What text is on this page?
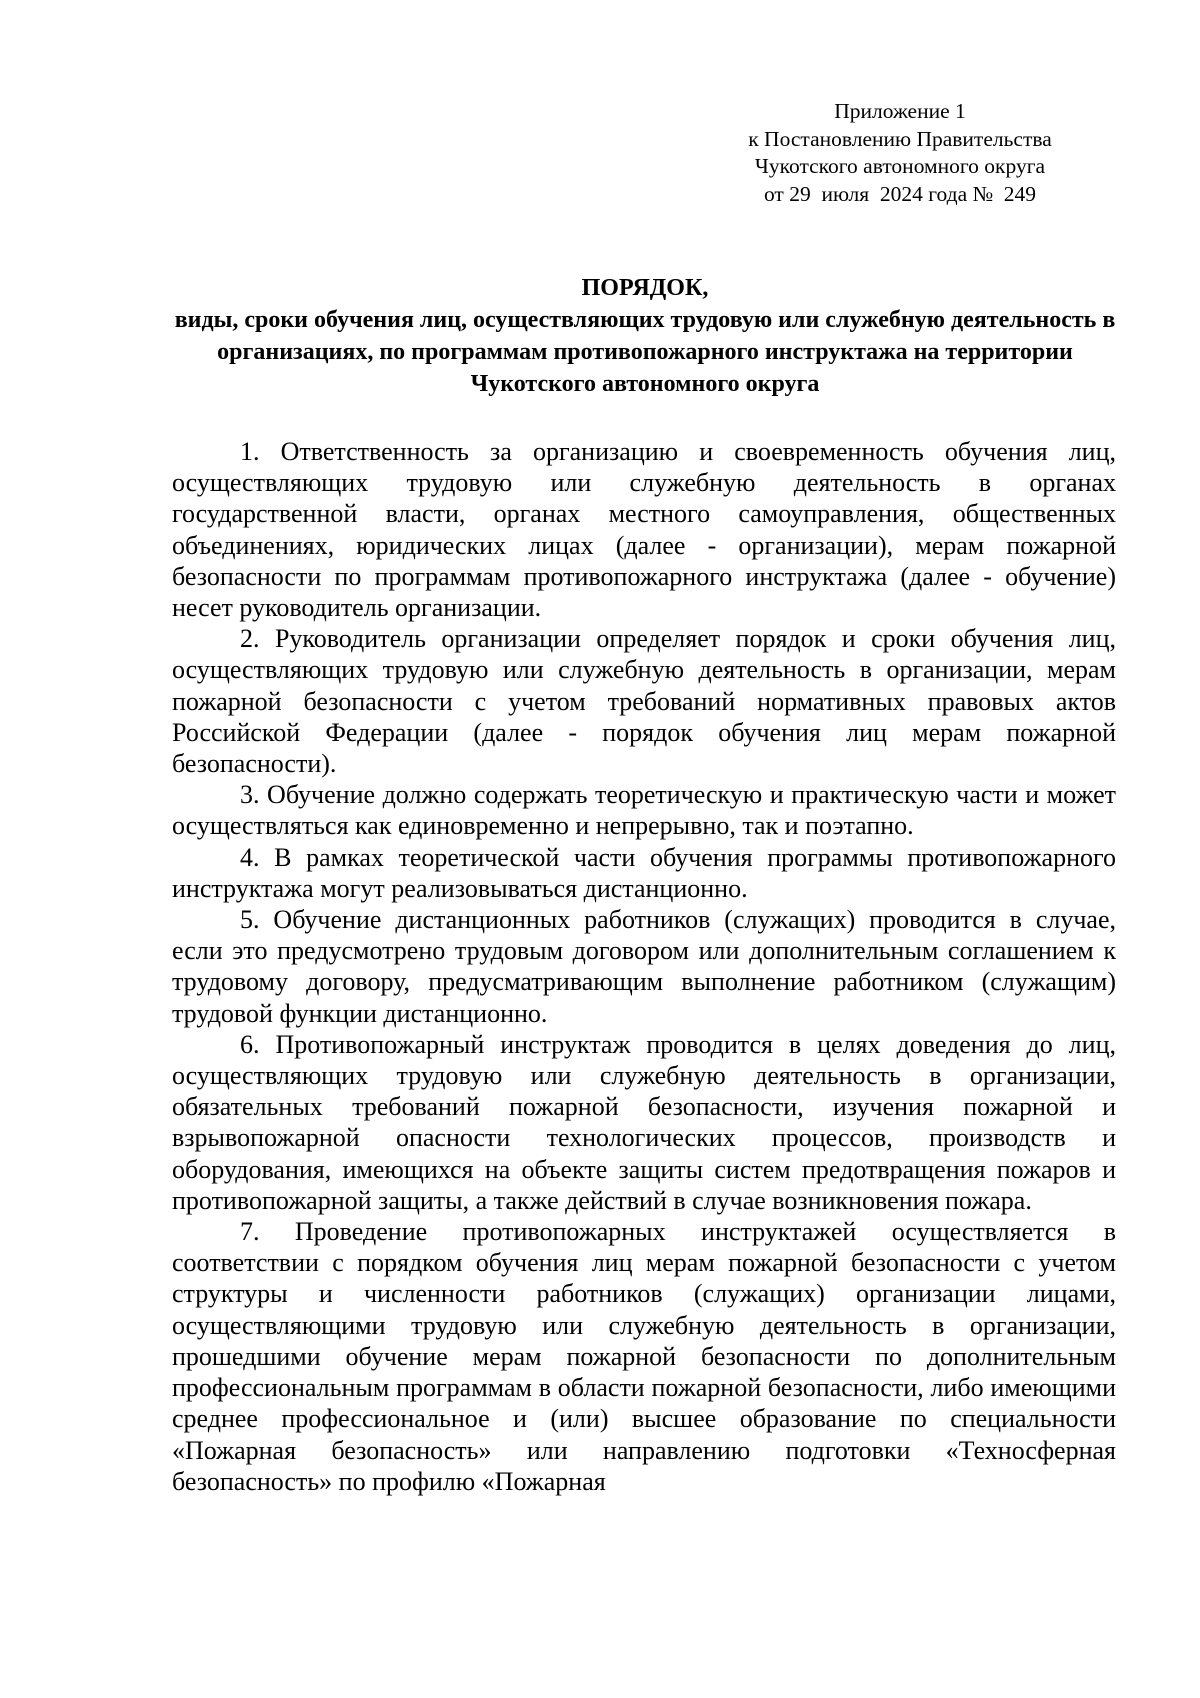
Приложение 1
к Постановлению Правительства
Чукотского автономного округа
от 29  июля  2024 года №  249
ПОРЯДОК,
виды, сроки обучения лиц, осуществляющих трудовую или служебную деятельность в организациях, по программам противопожарного инструктажа на территории Чукотского автономного округа

1. Ответственность за организацию и своевременность обучения лиц, осуществляющих трудовую или служебную деятельность в органах государственной власти, органах местного самоуправления, общественных объединениях, юридических лицах (далее - организации), мерам пожарной безопасности по программам противопожарного инструктажа (далее - обучение) несет руководитель организации.

2. Руководитель организации определяет порядок и сроки обучения лиц, осуществляющих трудовую или служебную деятельность в организации, мерам пожарной безопасности с учетом требований нормативных правовых актов Российской Федерации (далее - порядок обучения лиц мерам пожарной безопасности).

3. Обучение должно содержать теоретическую и практическую части и может осуществляться как единовременно и непрерывно, так и поэтапно.

4. В рамках теоретической части обучения программы противопожарного инструктажа могут реализовываться дистанционно.

5. Обучение дистанционных работников (служащих) проводится в случае, если это предусмотрено трудовым договором или дополнительным соглашением к трудовому договору, предусматривающим выполнение работником (служащим) трудовой функции дистанционно.

6. Противопожарный инструктаж проводится в целях доведения до лиц, осуществляющих трудовую или служебную деятельность в организации, обязательных требований пожарной безопасности, изучения пожарной и взрывопожарной опасности технологических процессов, производств и оборудования, имеющихся на объекте защиты систем предотвращения пожаров и противопожарной защиты, а также действий в случае возникновения пожара.

7. Проведение противопожарных инструктажей осуществляется в соответствии с порядком обучения лиц мерам пожарной безопасности с учетом структуры и численности работников (служащих) организации лицами, осуществляющими трудовую или служебную деятельность в организации, прошедшими обучение мерам пожарной безопасности по дополнительным профессиональным программам в области пожарной безопасности, либо имеющими среднее профессиональное и (или) высшее образование по специальности «Пожарная безопасность» или направлению подготовки «Техносферная безопасность» по профилю «Пожарная
